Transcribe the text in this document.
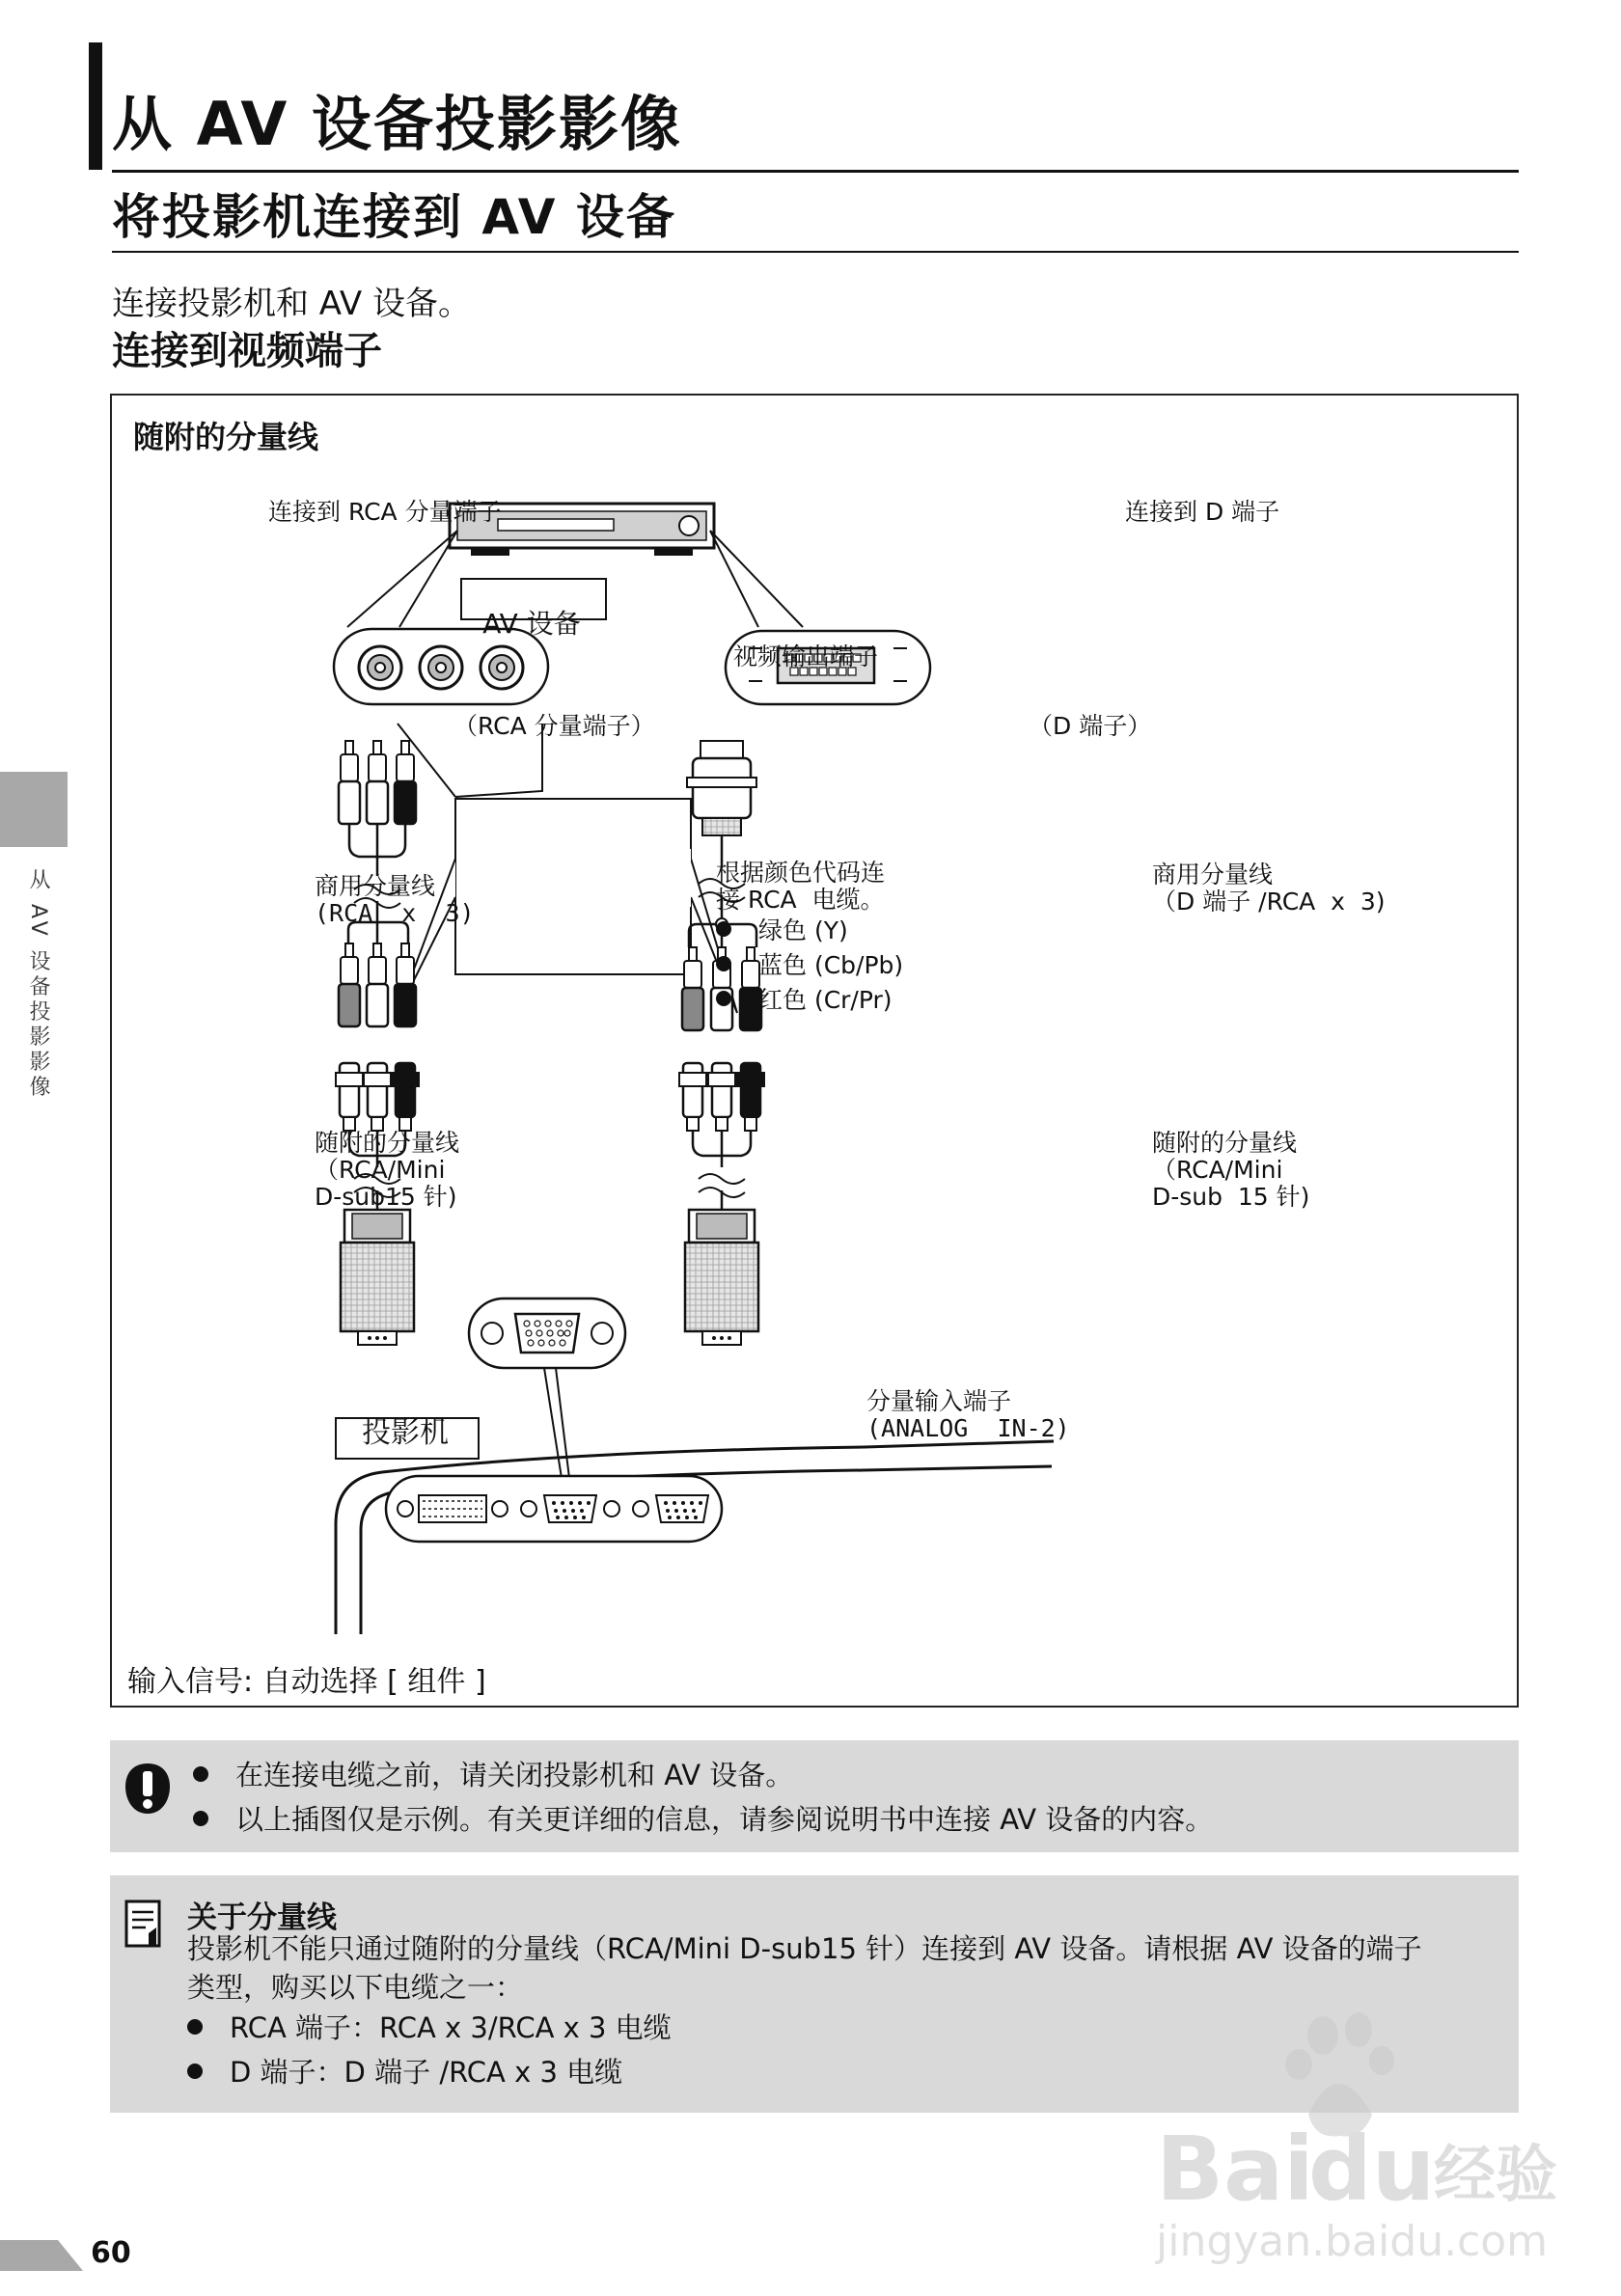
从 AV 设备投影影像
将投影机连接到 AV 设备
连接投影机和 AV 设备。
连接到视频端子
从 AV 设备投影影像
随附的分量线
连接到 RCA 分量端子	连接到 D 端子
AV 设备
视频输出端子
（RCA 分量端子）	（D 端子）
根据颜色代码连
接 RCA  电缆。
绿色 (Y)
蓝色 (Cb/Pb)
红色 (Cr/Pr)
商用分量线
(RCA  x  3)
商用分量线
（D 端子 /RCA  x  3)
随附的分量线
（RCA/Mini
D-sub15 针)
随附的分量线
（RCA/Mini
D-sub  15 针)
投影机
分量输入端子
(ANALOG  IN-2)
输入信号: 自动选择 [ 组件 ]
在连接电缆之前，请关闭投影机和 AV 设备。
以上插图仅是示例。有关更详细的信息，请参阅说明书中连接 AV 设备的内容。
关于分量线
投影机不能只通过随附的分量线（RCA/Mini D-sub15 针）连接到 AV 设备。请根据 AV 设备的端子
类型，购买以下电缆之一：
RCA 端子：RCA x 3/RCA x 3 电缆
D 端子：D 端子 /RCA x 3 电缆
60
Bai
du
经验
jingyan.baidu.com
